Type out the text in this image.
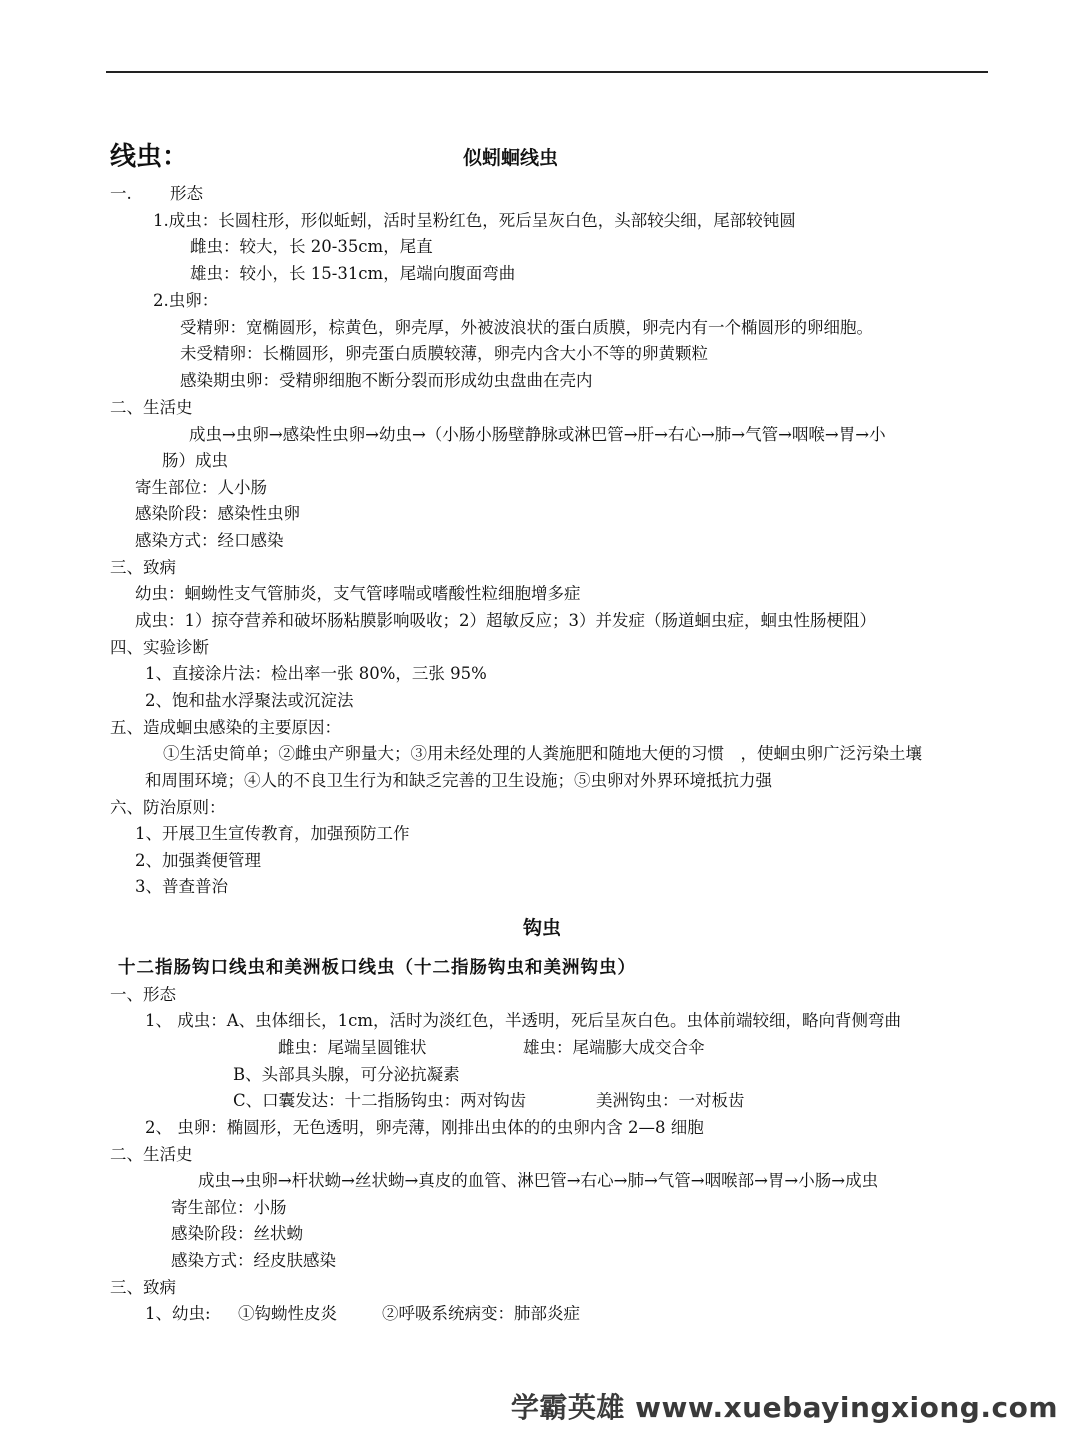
线虫：	似蚓蛔线虫
一. 形态
1.成虫：长圆柱形，形似蚯蚓，活时呈粉红色，死后呈灰白色，头部较尖细，尾部较钝圆
雌虫：较大，长 20-35cm，尾直
雄虫：较小，长 15-31cm，尾端向腹面弯曲
2.虫卵：
受精卵：宽椭圆形，棕黄色，卵壳厚，外被波浪状的蛋白质膜，卵壳内有一个椭圆形的卵细胞。
未受精卵：长椭圆形，卵壳蛋白质膜较薄，卵壳内含大小不等的卵黄颗粒
感染期虫卵：受精卵细胞不断分裂而形成幼虫盘曲在壳内
二、生活史
成虫→虫卵→感染性虫卵→幼虫→（小肠小肠壁静脉或淋巴管→肝→右心→肺→气管→咽喉→胃→小
肠）成虫
寄生部位：人小肠
感染阶段：感染性虫卵
感染方式：经口感染
三、致病
幼虫：蛔蚴性支气管肺炎，支气管哮喘或嗜酸性粒细胞增多症
成虫：1）掠夺营养和破坏肠粘膜影响吸收；2）超敏反应；3）并发症（肠道蛔虫症，蛔虫性肠梗阻）
四、实验诊断
1、直接涂片法：检出率一张 80%，三张 95%
2、饱和盐水浮聚法或沉淀法
五、造成蛔虫感染的主要原因：
①生活史简单；②雌虫产卵量大；③用未经处理的人粪施肥和随地大便的习惯　，使蛔虫卵广泛污染土壤
和周围环境；④人的不良卫生行为和缺乏完善的卫生设施；⑤虫卵对外界环境抵抗力强
六、防治原则：
1、开展卫生宣传教育，加强预防工作
2、加强粪便管理
3、普查普治
钩虫
十二指肠钩口线虫和美洲板口线虫（十二指肠钩虫和美洲钩虫）
一、形态
1、 成虫：A、虫体细长，1cm，活时为淡红色，半透明，死后呈灰白色。虫体前端较细，略向背侧弯曲
雌虫：尾端呈圆锥状	雄虫：尾端膨大成交合伞
B、头部具头腺，可分泌抗凝素
C、口囊发达：十二指肠钩虫：两对钩齿	美洲钩虫：一对板齿
2、 虫卵：椭圆形，无色透明，卵壳薄，刚排出虫体的的虫卵内含 2—8 细胞
二、生活史
成虫→虫卵→杆状蚴→丝状蚴→真皮的血管、淋巴管→右心→肺→气管→咽喉部→胃→小肠→成虫
寄生部位：小肠
感染阶段：丝状蚴
感染方式：经皮肤感染
三、致病
1、幼虫: ①钩蚴性皮炎	②呼吸系统病变：肺部炎症
学霸英雄 www.xuebayingxiong.com
